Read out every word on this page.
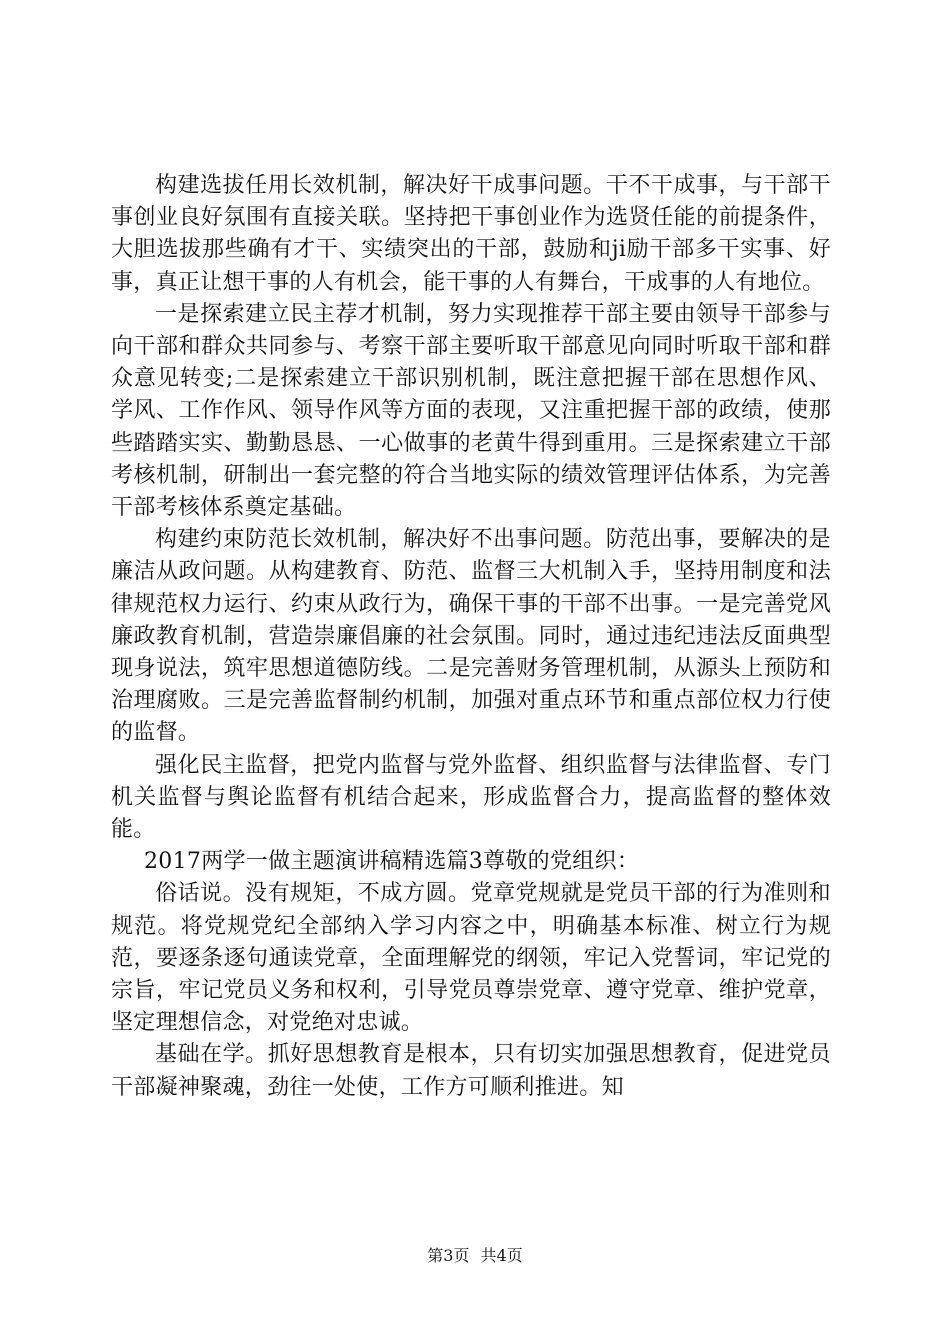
构建选拔任用长效机制，解决好干成事问题。干不干成事，与干部干事创业良好氛围有直接关联。坚持把干事创业作为选贤任能的前提条件，大胆选拔那些确有才干、实绩突出的干部，鼓励和ji励干部多干实事、好事，真正让想干事的人有机会，能干事的人有舞台，干成事的人有地位。

一是探索建立民主荐才机制，努力实现推荐干部主要由领导干部参与向干部和群众共同参与、考察干部主要听取干部意见向同时听取干部和群众意见转变;二是探索建立干部识别机制，既注意把握干部在思想作风、学风、工作作风、领导作风等方面的表现，又注重把握干部的政绩，使那些踏踏实实、勤勤恳恳、一心做事的老黄牛得到重用。三是探索建立干部考核机制，研制出一套完整的符合当地实际的绩效管理评估体系，为完善干部考核体系奠定基础。

构建约束防范长效机制，解决好不出事问题。防范出事，要解决的是廉洁从政问题。从构建教育、防范、监督三大机制入手，坚持用制度和法律规范权力运行、约束从政行为，确保干事的干部不出事。一是完善党风廉政教育机制，营造崇廉倡廉的社会氛围。同时，通过违纪违法反面典型现身说法，筑牢思想道德防线。二是完善财务管理机制，从源头上预防和治理腐败。三是完善监督制约机制，加强对重点环节和重点部位权力行使的监督。

强化民主监督，把党内监督与党外监督、组织监督与法律监督、专门机关监督与舆论监督有机结合起来，形成监督合力，提高监督的整体效能。

2017两学一做主题演讲稿精选篇3尊敬的党组织：

俗话说。没有规矩，不成方圆。党章党规就是党员干部的行为准则和规范。将党规党纪全部纳入学习内容之中，明确基本标准、树立行为规范，要逐条逐句通读党章，全面理解党的纲领，牢记入党誓词，牢记党的宗旨，牢记党员义务和权利，引导党员尊崇党章、遵守党章、维护党章，坚定理想信念，对党绝对忠诚。

基础在学。抓好思想教育是根本，只有切实加强思想教育，促进党员干部凝神聚魂，劲往一处使，工作方可顺利推进。知

第3页 共4页
